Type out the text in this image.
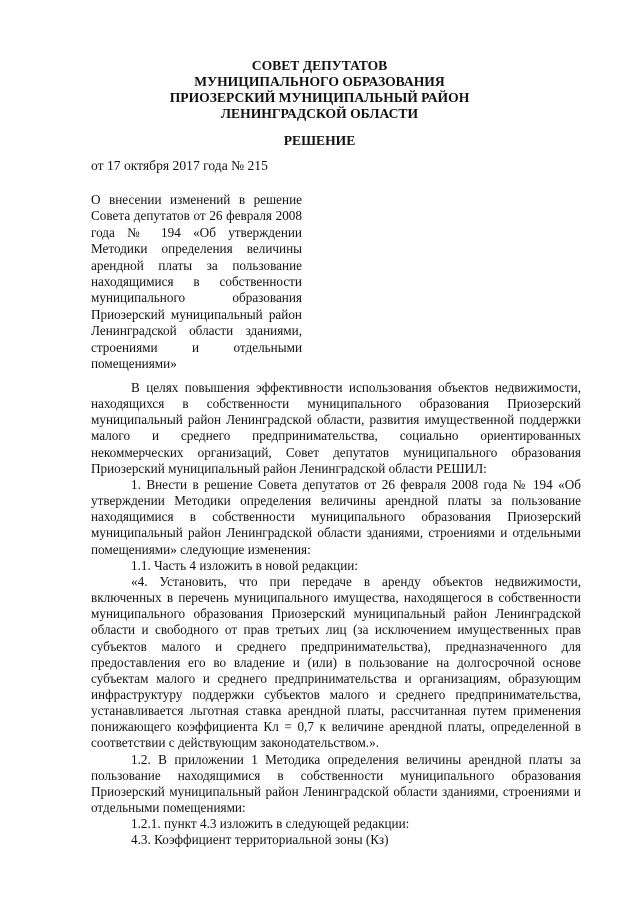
СОВЕТ ДЕПУТАТОВ
МУНИЦИПАЛЬНОГО ОБРАЗОВАНИЯ
ПРИОЗЕРСКИЙ МУНИЦИПАЛЬНЫЙ РАЙОН
ЛЕНИНГРАДСКОЙ ОБЛАСТИ
РЕШЕНИЕ
от 17 октября 2017 года № 215
О внесении изменений в решение
Совета депутатов от 26 февраля 2008
года № 194 «Об утверждении
Методики определения величины
арендной платы за пользование
находящимися в собственности
муниципального образования
Приозерский муниципальный район
Ленинградской области зданиями,
строениями и отдельными
помещениями»

В целях повышения эффективности использования объектов недвижимости, находящихся в собственности муниципального образования Приозерский муниципальный район Ленинградской области, развития имущественной поддержки малого и среднего предпринимательства, социально ориентированных некоммерческих организаций, Совет депутатов муниципального образования Приозерский муниципальный район Ленинградской области РЕШИЛ:

1. Внести в решение Совета депутатов от 26 февраля 2008 года № 194 «Об утверждении Методики определения величины арендной платы за пользование находящимися в собственности муниципального образования Приозерский муниципальный район Ленинградской области зданиями, строениями и отдельными помещениями» следующие изменения:

1.1. Часть 4 изложить в новой редакции:

«4. Установить, что при передаче в аренду объектов недвижимости, включенных в перечень муниципального имущества, находящегося в собственности муниципального образования Приозерский муниципальный район Ленинградской области и свободного от прав третьих лиц (за исключением имущественных прав субъектов малого и среднего предпринимательства), предназначенного для предоставления его во владение и (или) в пользование на долгосрочной основе субъектам малого и среднего предпринимательства и организациям, образующим инфраструктуру поддержки субъектов малого и среднего предпринимательства, устанавливается льготная ставка арендной платы, рассчитанная путем применения понижающего коэффициента Кл = 0,7 к величине арендной платы, определенной в соответствии с действующим законодательством.».

1.2. В приложении 1 Методика определения величины арендной платы за пользование находящимися в собственности муниципального образования Приозерский муниципальный район Ленинградской области зданиями, строениями и отдельными помещениями:

1.2.1. пункт 4.3 изложить в следующей редакции:

4.3. Коэффициент территориальной зоны (Кз)
